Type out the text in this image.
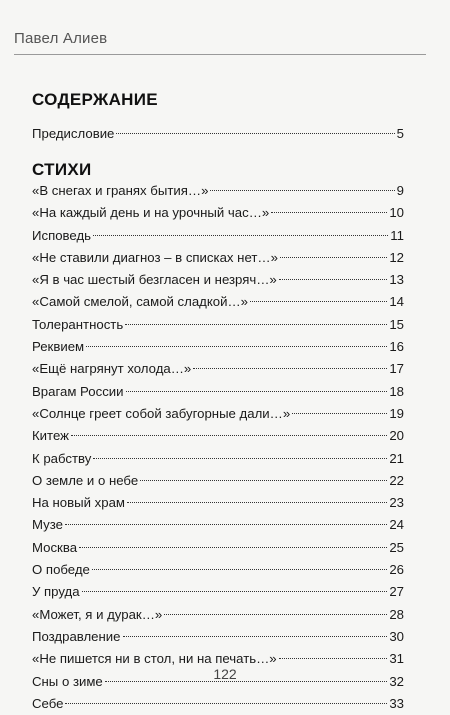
Павел Алиев
СОДЕРЖАНИЕ
Предисловие	5
СТИХИ
«В снегах и гранях бытия…»	9
«На каждый день и на урочный час…»	10
Исповедь	11
«Не ставили диагноз – в списках нет…»	12
«Я в час шестый безгласен и незряч…»	13
«Самой смелой, самой сладкой…»	14
Толерантность	15
Реквием	16
«Ещё нагрянут холода…»	17
Врагам России	18
«Солнце греет собой забугорные дали…»	19
Китеж	20
К рабству	21
О земле и о небе	22
На новый храм	23
Музе	24
Москва	25
О победе	26
У пруда	27
«Может, я и дурак…»	28
Поздравление	30
«Не пишется ни в стол, ни на печать…»	31
Сны о зиме	32
Себе	33
122
